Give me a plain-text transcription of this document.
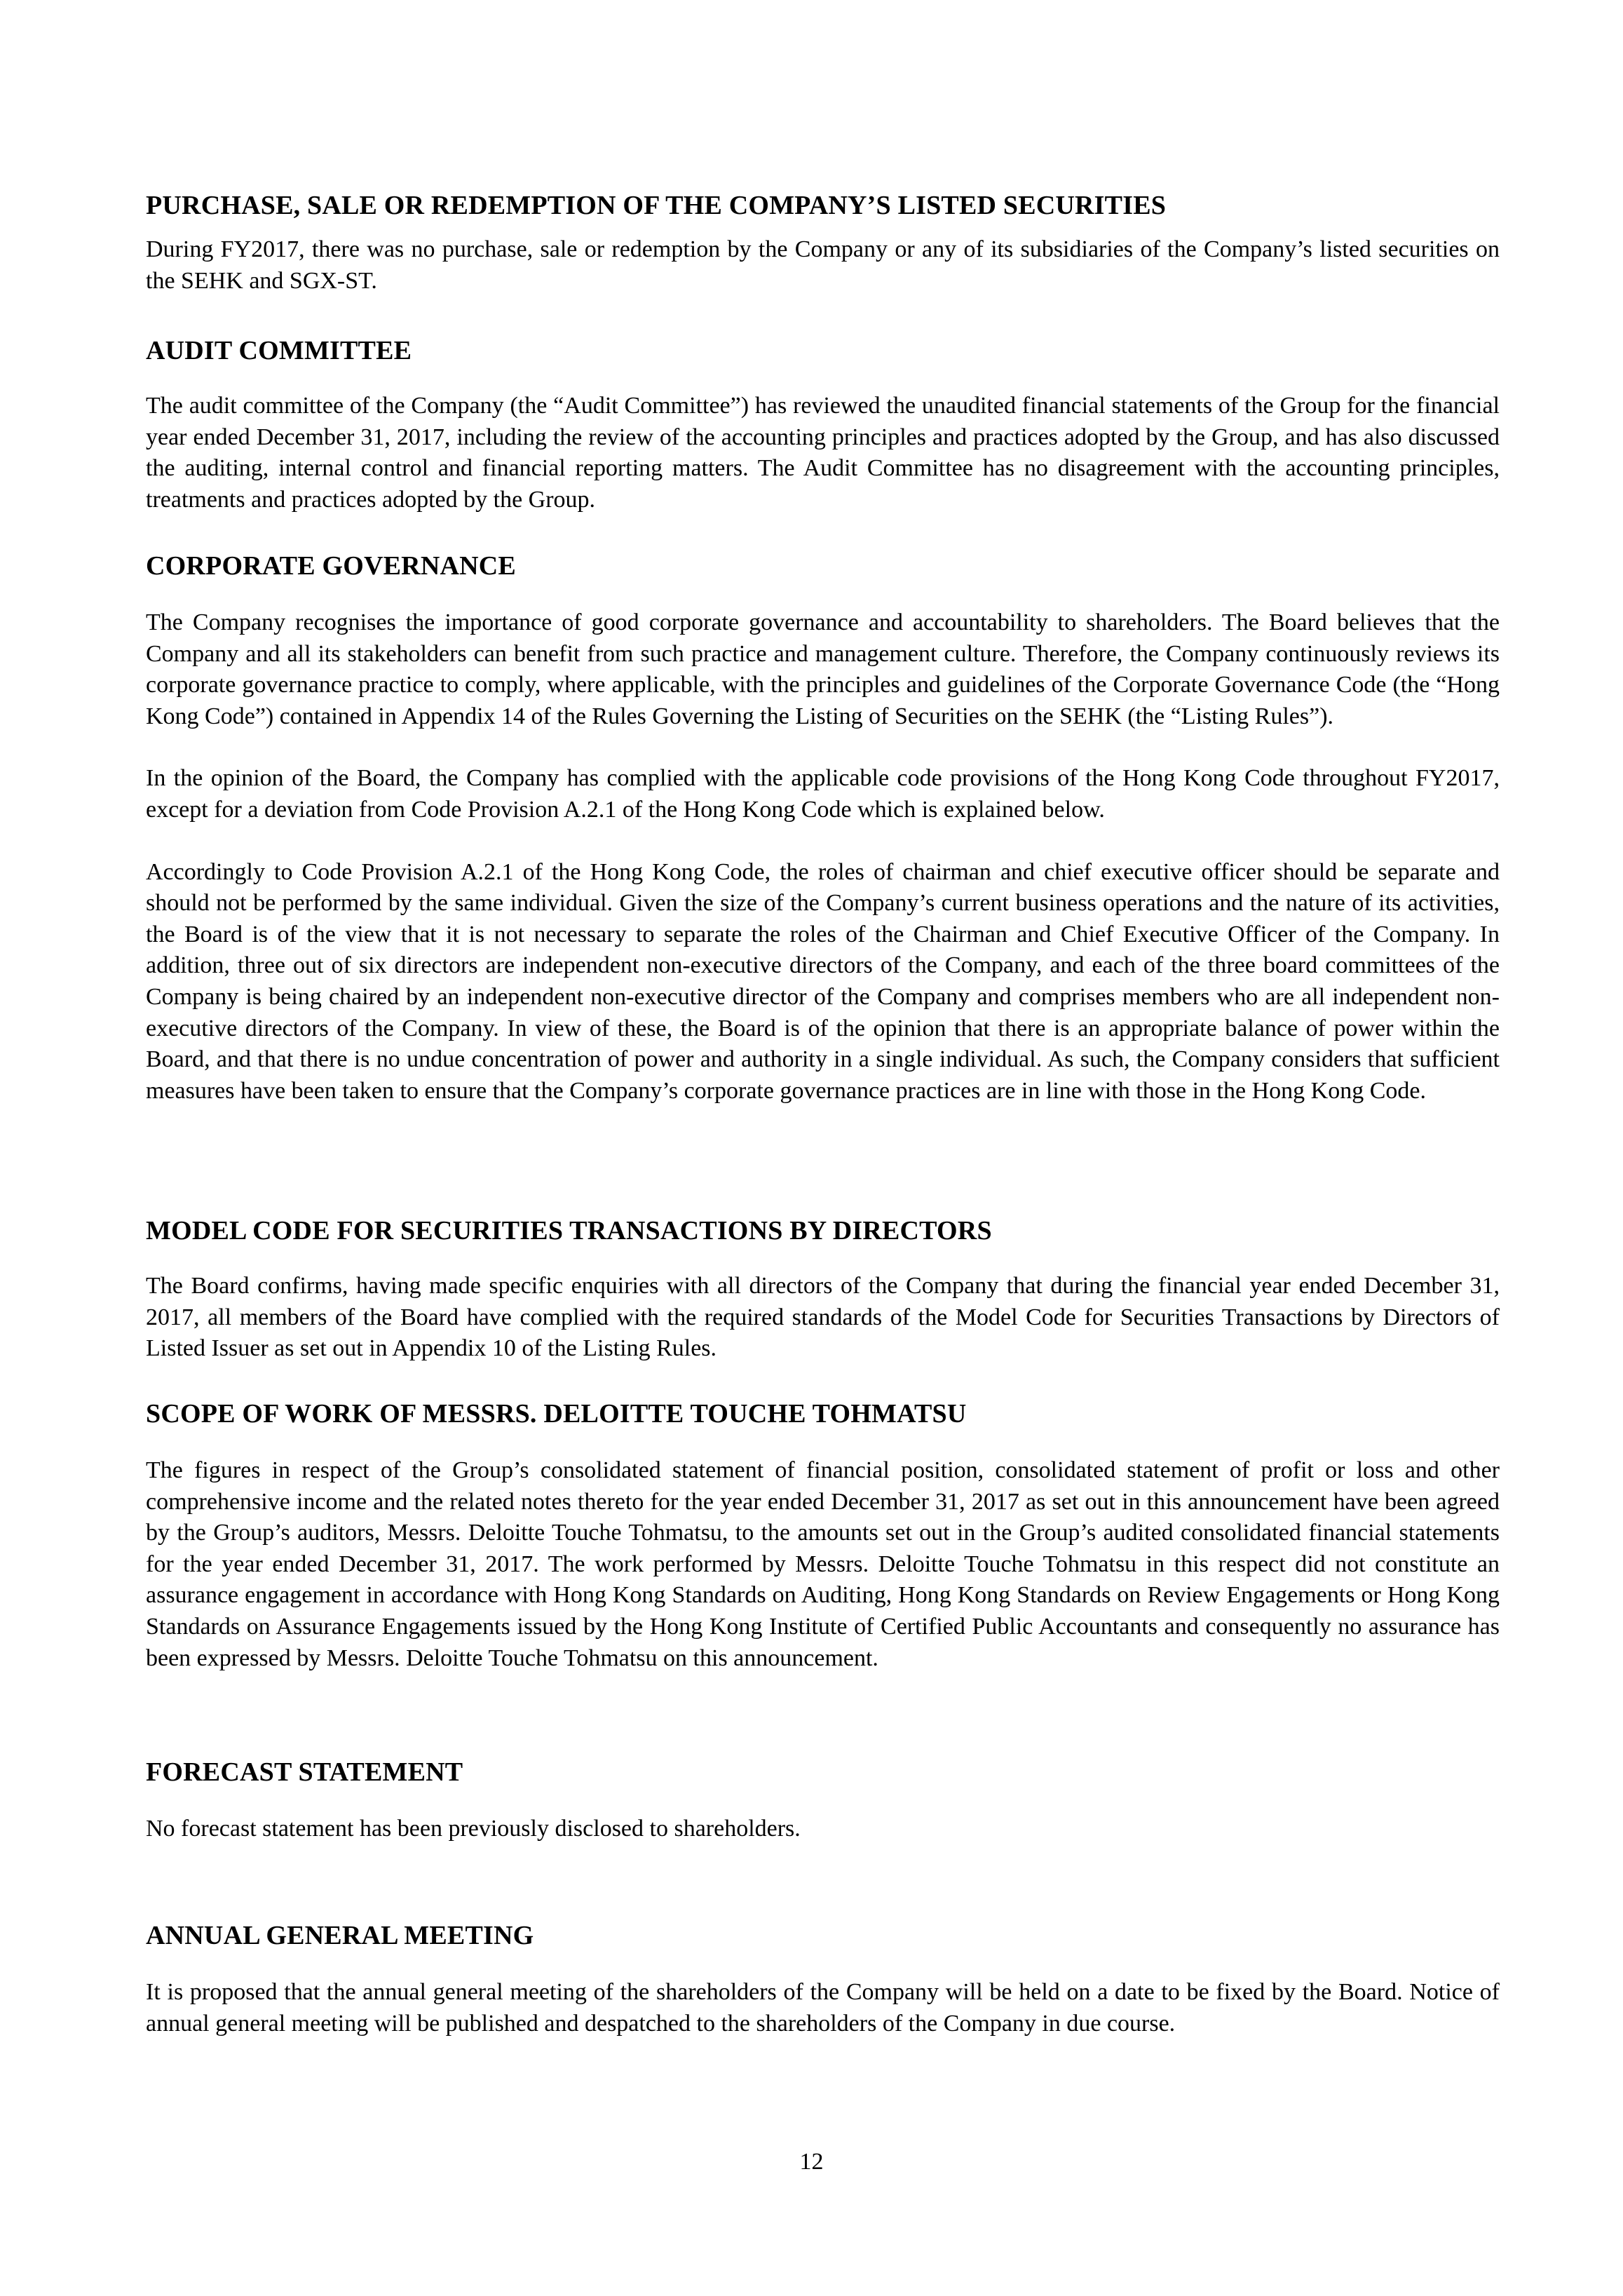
PURCHASE, SALE OR REDEMPTION OF THE COMPANY’S LISTED SECURITIES

During FY2017, there was no purchase, sale or redemption by the Company or any of its subsidiaries of the Company’s listed securities on the SEHK and SGX-ST.

AUDIT COMMITTEE

The audit committee of the Company (the “Audit Committee”) has reviewed the unaudited financial statements of the Group for the financial year ended December 31, 2017, including the review of the accounting principles and practices adopted by the Group, and has also discussed the auditing, internal control and financial reporting matters. The Audit Committee has no disagreement with the accounting principles, treatments and practices adopted by the Group.

CORPORATE GOVERNANCE

The Company recognises the importance of good corporate governance and accountability to shareholders. The Board believes that the Company and all its stakeholders can benefit from such practice and management culture. Therefore, the Company continuously reviews its corporate governance practice to comply, where applicable, with the principles and guidelines of the Corporate Governance Code (the “Hong Kong Code”) contained in Appendix 14 of the Rules Governing the Listing of Securities on the SEHK (the “Listing Rules”).

In the opinion of the Board, the Company has complied with the applicable code provisions of the Hong Kong Code throughout FY2017, except for a deviation from Code Provision A.2.1 of the Hong Kong Code which is explained below.

Accordingly to Code Provision A.2.1 of the Hong Kong Code, the roles of chairman and chief executive officer should be separate and should not be performed by the same individual. Given the size of the Company’s current business operations and the nature of its activities, the Board is of the view that it is not necessary to separate the roles of the Chairman and Chief Executive Officer of the Company. In addition, three out of six directors are independent non-executive directors of the Company, and each of the three board committees of the Company is being chaired by an independent non-executive director of the Company and comprises members who are all independent non-executive directors of the Company. In view of these, the Board is of the opinion that there is an appropriate balance of power within the Board, and that there is no undue concentration of power and authority in a single individual. As such, the Company considers that sufficient measures have been taken to ensure that the Company’s corporate governance practices are in line with those in the Hong Kong Code.

MODEL CODE FOR SECURITIES TRANSACTIONS BY DIRECTORS

The Board confirms, having made specific enquiries with all directors of the Company that during the financial year ended December 31, 2017, all members of the Board have complied with the required standards of the Model Code for Securities Transactions by Directors of Listed Issuer as set out in Appendix 10 of the Listing Rules.

SCOPE OF WORK OF MESSRS. DELOITTE TOUCHE TOHMATSU

The figures in respect of the Group’s consolidated statement of financial position, consolidated statement of profit or loss and other comprehensive income and the related notes thereto for the year ended December 31, 2017 as set out in this announcement have been agreed by the Group’s auditors, Messrs. Deloitte Touche Tohmatsu, to the amounts set out in the Group’s audited consolidated financial statements for the year ended December 31, 2017. The work performed by Messrs. Deloitte Touche Tohmatsu in this respect did not constitute an assurance engagement in accordance with Hong Kong Standards on Auditing, Hong Kong Standards on Review Engagements or Hong Kong Standards on Assurance Engagements issued by the Hong Kong Institute of Certified Public Accountants and consequently no assurance has been expressed by Messrs. Deloitte Touche Tohmatsu on this announcement.

FORECAST STATEMENT

No forecast statement has been previously disclosed to shareholders.

ANNUAL GENERAL MEETING

It is proposed that the annual general meeting of the shareholders of the Company will be held on a date to be fixed by the Board. Notice of annual general meeting will be published and despatched to the shareholders of the Company in due course.

12
